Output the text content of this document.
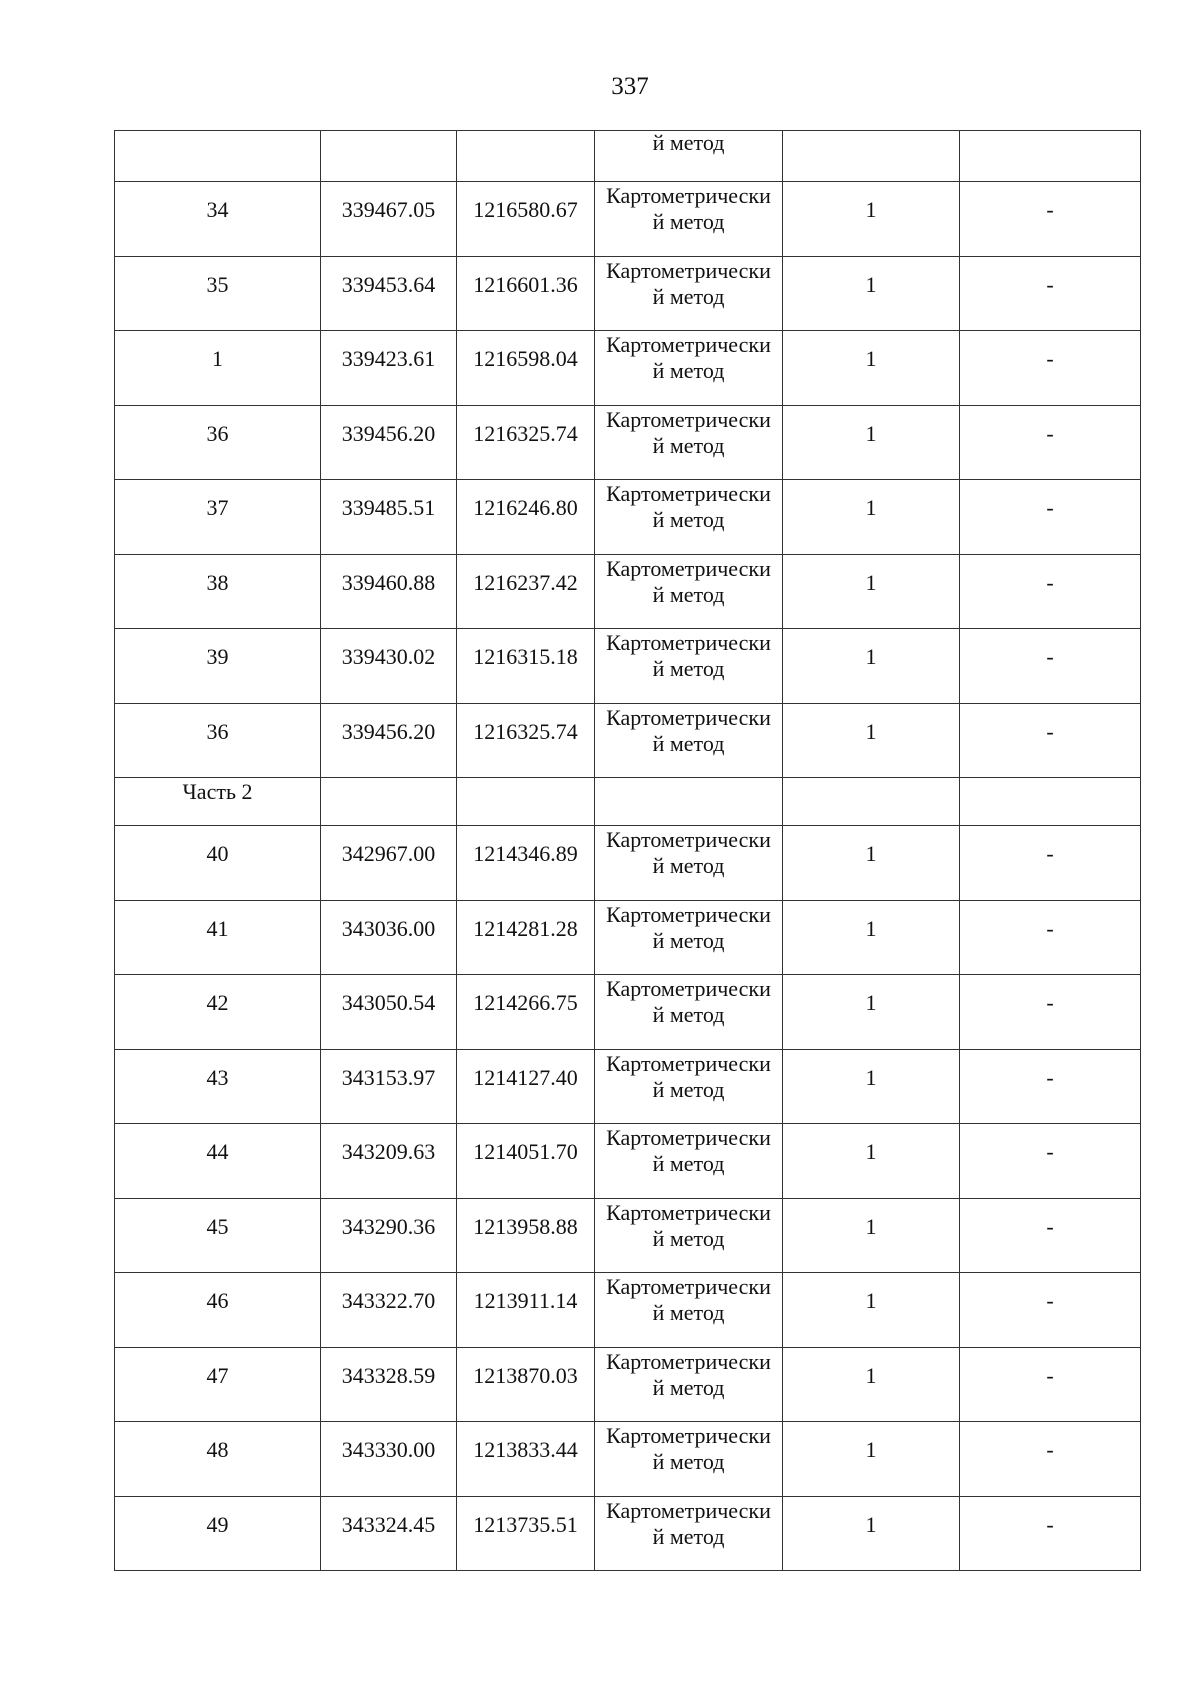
337

			й метод		

34	339467.05	1216580.67	Картометрически
й метод	1	-

35	339453.64	1216601.36	Картометрически
й метод	1	-

1	339423.61	1216598.04	Картометрически
й метод	1	-

36	339456.20	1216325.74	Картометрически
й метод	1	-

37	339485.51	1216246.80	Картометрически
й метод	1	-

38	339460.88	1216237.42	Картометрически
й метод	1	-

39	339430.02	1216315.18	Картометрически
й метод	1	-

36	339456.20	1216325.74	Картометрически
й метод	1	-

Часть 2					

40	342967.00	1214346.89	Картометрически
й метод	1	-

41	343036.00	1214281.28	Картометрически
й метод	1	-

42	343050.54	1214266.75	Картометрически
й метод	1	-

43	343153.97	1214127.40	Картометрически
й метод	1	-

44	343209.63	1214051.70	Картометрически
й метод	1	-

45	343290.36	1213958.88	Картометрически
й метод	1	-

46	343322.70	1213911.14	Картометрически
й метод	1	-

47	343328.59	1213870.03	Картометрически
й метод	1	-

48	343330.00	1213833.44	Картометрически
й метод	1	-

49	343324.45	1213735.51	Картометрически
й метод	1	-
